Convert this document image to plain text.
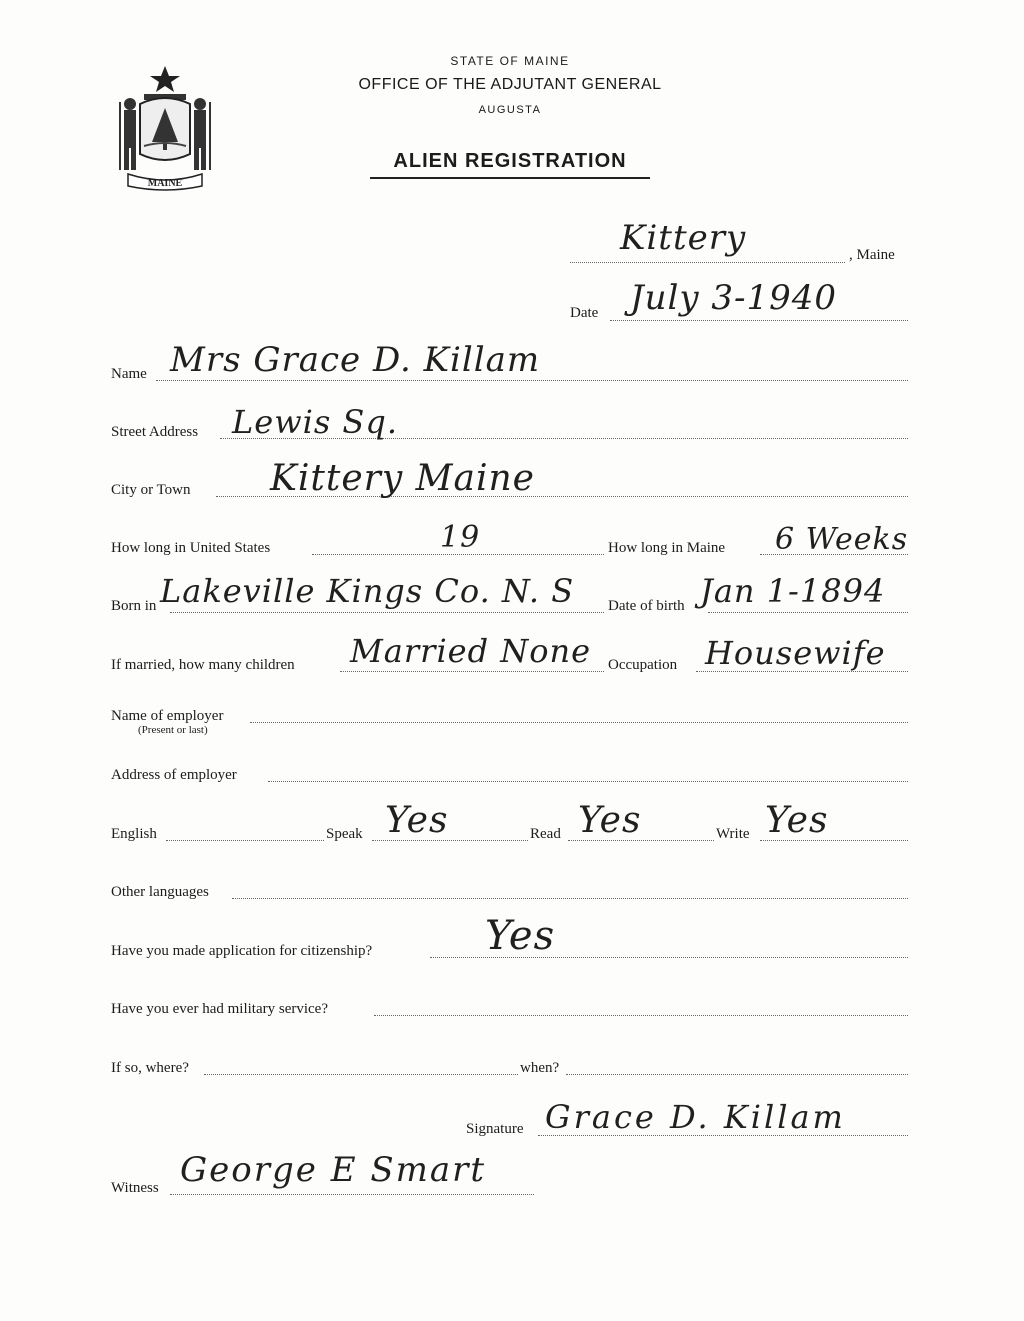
MAINE
STATE OF MAINE
OFFICE OF THE ADJUTANT GENERAL
AUGUSTA
ALIEN REGISTRATION
Kittery	, Maine
Date July 3-1940
Name Mrs Grace D. Killam
Street Address Lewis Sq.
City or Town Kittery Maine
How long in United States	19	How long in Maine 6 Weeks
Born in Lakeville Kings Co. N. S Date of birth Jan 1-1894
If married, how many children Married None Occupation Housewife
Name of employer
(Present or last)
Address of employer
English	Speak Yes	Read Yes	Write Yes
Other languages
Have you made application for citizenship?	Yes
Have you ever had military service?
If so, where?	when?
Signature Grace D. Killam
Witness George E Smart
